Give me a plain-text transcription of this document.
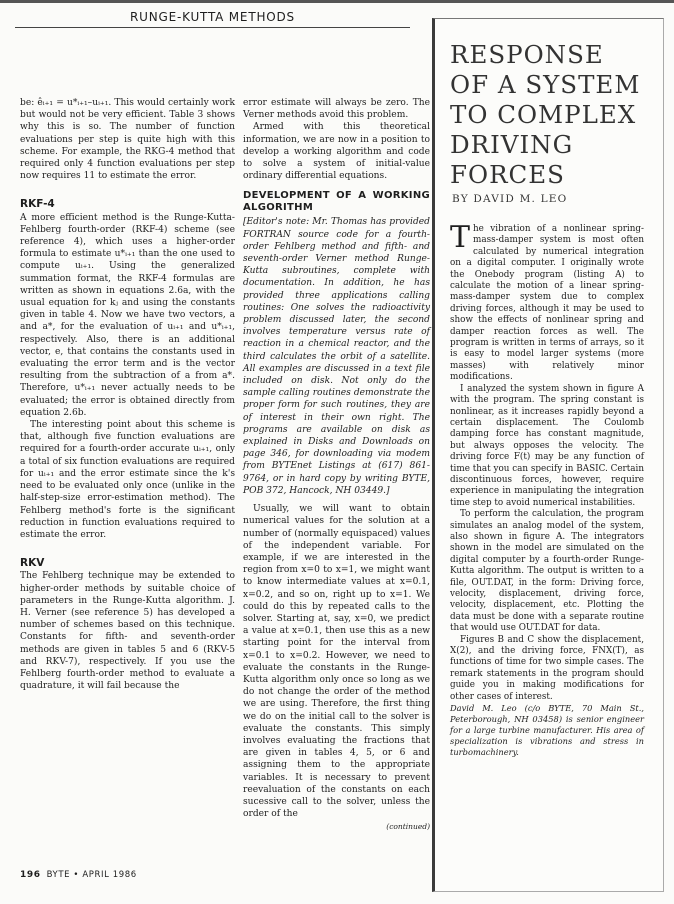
RUNGE-KUTTA METHODS

be: êᵢ₊₁ = u*ᵢ₊₁–uᵢ₊₁. This would certainly work but would not be very efficient. Table 3 shows why this is so. The number of function evaluations per step is quite high with this scheme. For example, the RKG-4 method that required only 4 function evaluations per step now requires 11 to estimate the error.

RKF-4

A more efficient method is the Runge-Kutta-Fehlberg fourth-order (RKF-4) scheme (see reference 4), which uses a higher-order formula to estimate u*ᵢ₊₁ than the one used to compute uᵢ₊₁. Using the generalized summation format, the RKF-4 formulas are written as shown in equations 2.6a, with the usual equation for kⱼ and using the constants given in table 4. Now we have two vectors, a and a*, for the evaluation of uᵢ₊₁ and u*ᵢ₊₁, respectively. Also, there is an additional vector, e, that contains the constants used in evaluating the error term and is the vector resulting from the subtraction of a from a*. Therefore, u*ᵢ₊₁ never actually needs to be evaluated; the error is obtained directly from equation 2.6b.

The interesting point about this scheme is that, although five function evaluations are required for a fourth-order accurate uᵢ₊₁, only a total of six function evaluations are required for uᵢ₊₁ and the error estimate since the k's need to be evaluated only once (unlike in the half-step-size error-estimation method). The Fehlberg method's forte is the significant reduction in function evaluations required to estimate the error.

RKV

The Fehlberg technique may be extended to higher-order methods by suitable choice of parameters in the Runge-Kutta algorithm. J. H. Verner (see reference 5) has developed a number of schemes based on this technique. Constants for fifth- and seventh-order methods are given in tables 5 and 6 (RKV-5 and RKV-7), respectively. If you use the Fehlberg fourth-order method to evaluate a quadrature, it will fail because the

error estimate will always be zero. The Verner methods avoid this problem.

Armed with this theoretical information, we are now in a position to develop a working algorithm and code to solve a system of initial-value ordinary differential equations.

DEVELOPMENT OF A WORKING ALGORITHM

[Editor's note: Mr. Thomas has provided FORTRAN source code for a fourth-order Fehlberg method and fifth- and seventh-order Verner method Runge-Kutta subroutines, complete with documentation. In addition, he has provided three applications calling routines: One solves the radioactivity problem discussed later, the second involves temperature versus rate of reaction in a chemical reactor, and the third calculates the orbit of a satellite. All examples are discussed in a text file included on disk. Not only do the sample calling routines demonstrate the proper form for such routines, they are of interest in their own right. The programs are available on disk as explained in Disks and Downloads on page 346, for downloading via modem from BYTEnet Listings at (617) 861-9764, or in hard copy by writing BYTE, POB 372, Hancock, NH 03449.]

Usually, we will want to obtain numerical values for the solution at a number of (normally equispaced) values of the independent variable. For example, if we are interested in the region from x=0 to x=1, we might want to know intermediate values at x=0.1, x=0.2, and so on, right up to x=1. We could do this by repeated calls to the solver. Starting at, say, x=0, we predict a value at x=0.1, then use this as a new starting point for the interval from x=0.1 to x=0.2. However, we need to evaluate the constants in the Runge-Kutta algorithm only once so long as we do not change the order of the method we are using. Therefore, the first thing we do on the initial call to the solver is evaluate the constants. This simply involves evaluating the fractions that are given in tables 4, 5, or 6 and assigning them to the appropriate variables. It is necessary to prevent reevaluation of the constants on each sucessive call to the solver, unless the order of the

(continued)
RESPONSE
OF A SYSTEM
TO COMPLEX
DRIVING FORCES
BY DAVID M. LEO

The vibration of a nonlinear spring-mass-damper system is most often calculated by numerical integration on a digital computer. I originally wrote the Onebody program (listing A) to calculate the motion of a linear spring-mass-damper system due to complex driving forces, although it may be used to show the effects of nonlinear spring and damper reaction forces as well. The program is written in terms of arrays, so it is easy to model larger systems (more masses) with relatively minor modifications.

I analyzed the system shown in figure A with the program. The spring constant is nonlinear, as it increases rapidly beyond a certain displacement. The Coulomb damping force has constant magnitude, but always opposes the velocity. The driving force F(t) may be any function of time that you can specify in BASIC. Certain discontinuous forces, however, require experience in manipulating the integration time step to avoid numerical instabilities.

To perform the calculation, the program simulates an analog model of the system, also shown in figure A. The integrators shown in the model are simulated on the digital computer by a fourth-order Runge-Kutta algorithm. The output is written to a file, OUT.DAT, in the form: Driving force, velocity, displacement, driving force, velocity, displacement, etc. Plotting the data must be done with a separate routine that would use OUT.DAT for data.

Figures B and C show the displacement, X(2), and the driving force, FNX(T), as functions of time for two simple cases. The remark statements in the program should guide you in making modifications for other cases of interest.

David M. Leo (c/o BYTE, 70 Main St., Peterborough, NH 03458) is senior engineer for a large turbine manufacturer. His area of specialization is vibrations and stress in turbomachinery.

196 BYTE • APRIL 1986
